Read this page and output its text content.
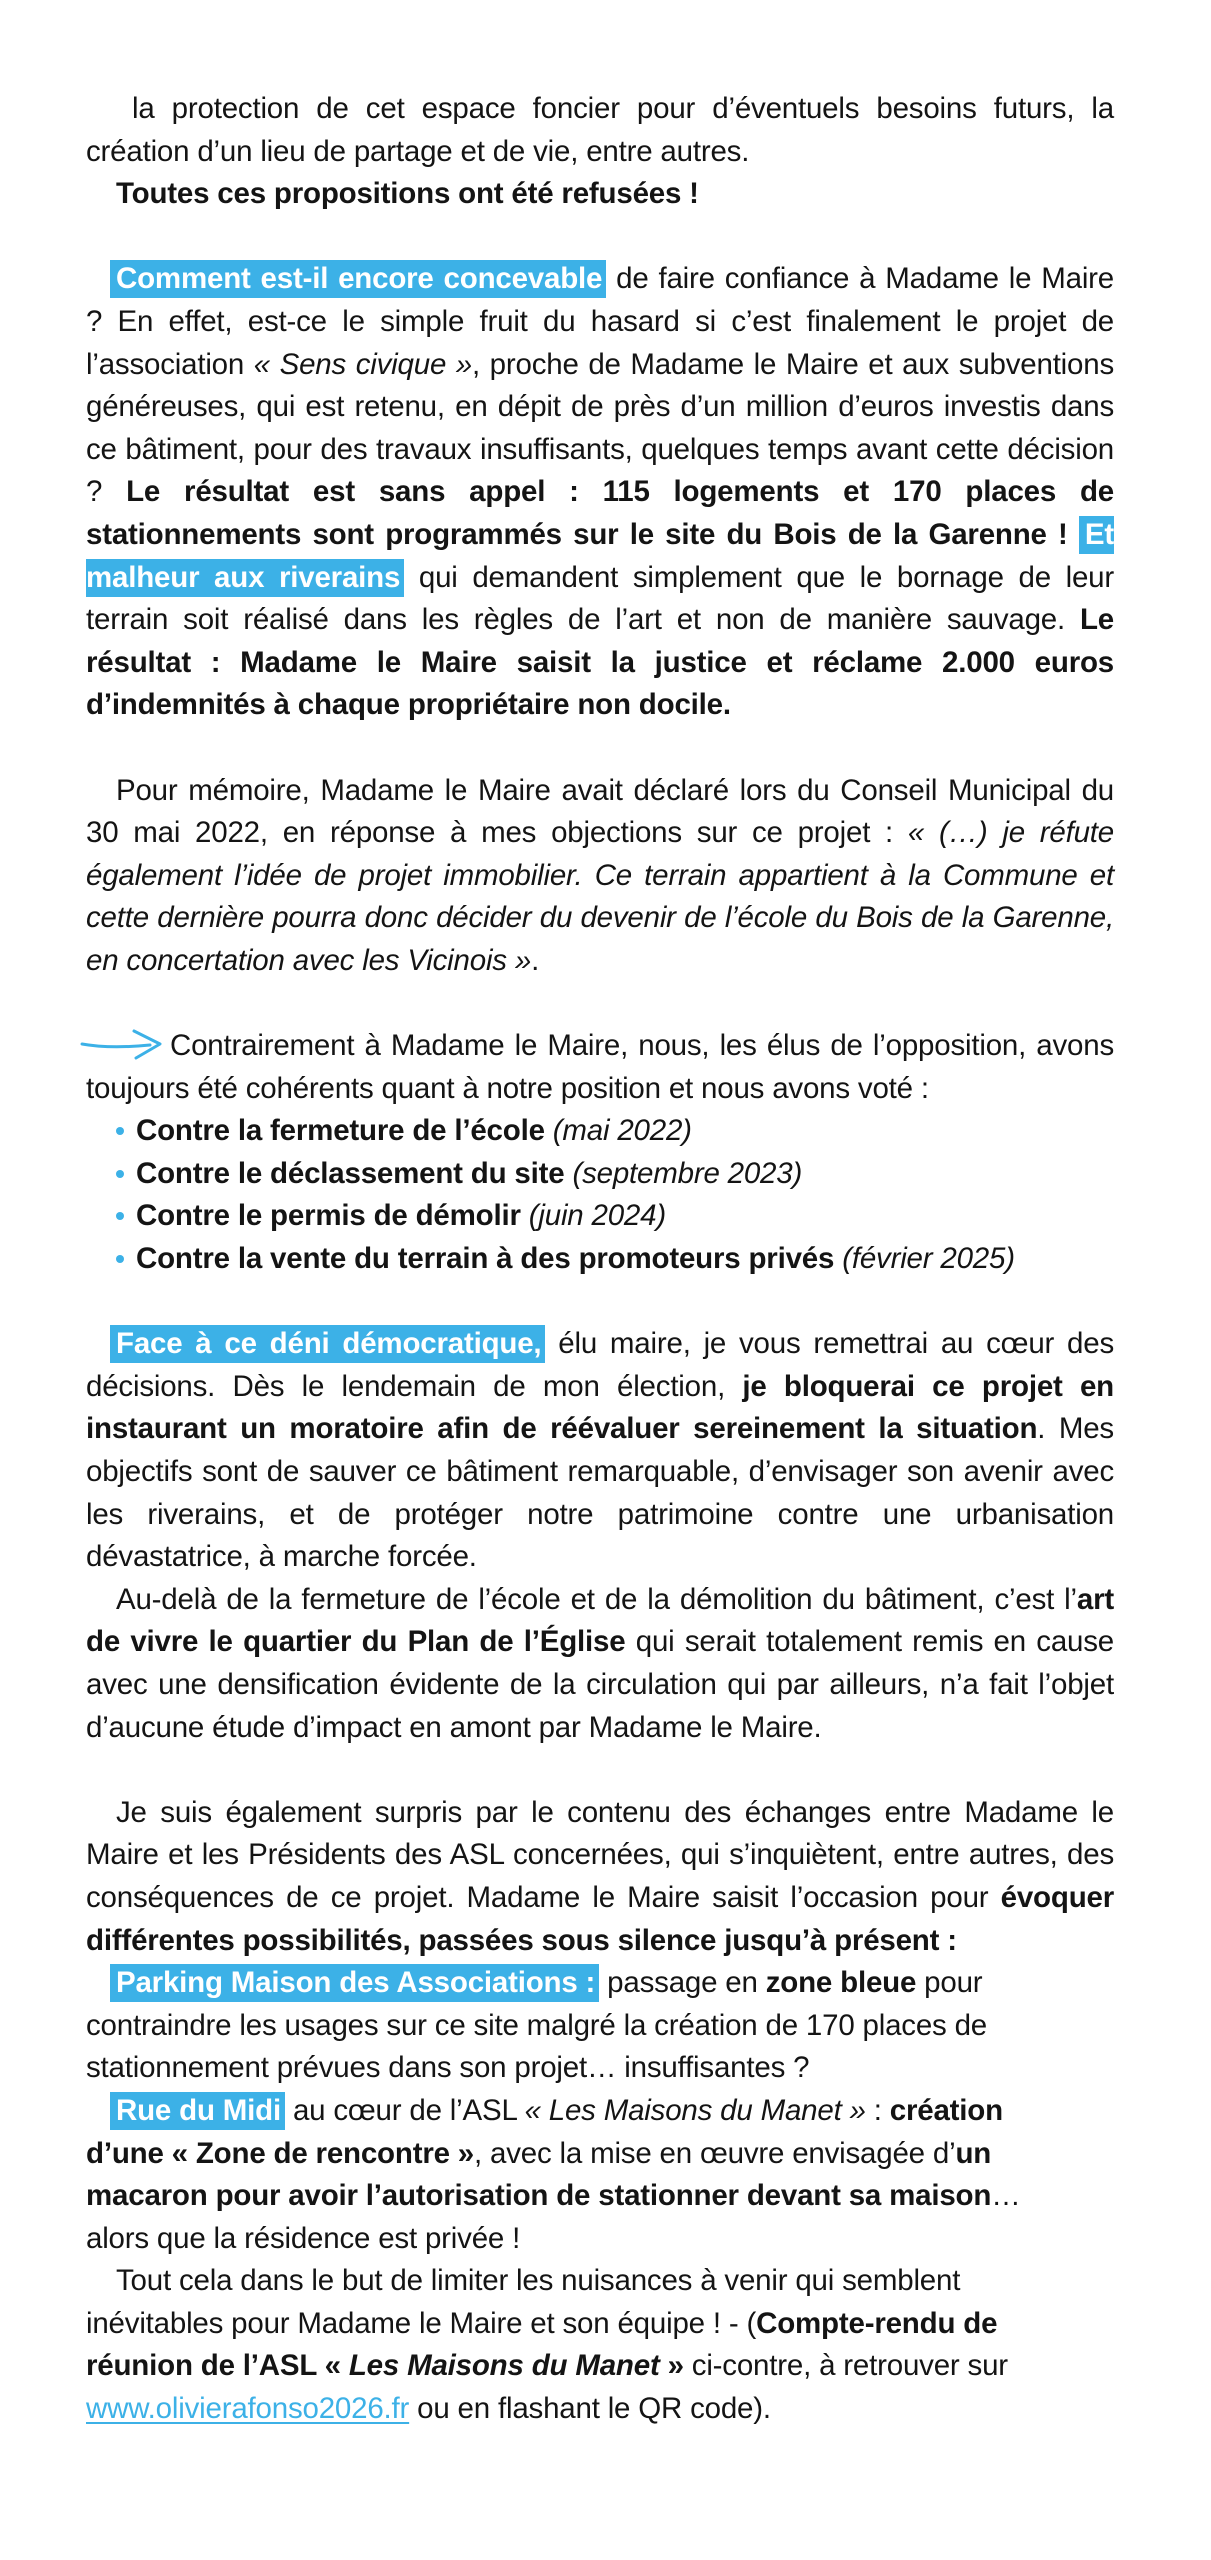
la protection de cet espace foncier pour d’éventuels besoins futurs, la création d’un lieu de partage et de vie, entre autres.
Toutes ces propositions ont été refusées !

Comment est-il encore concevable de faire confiance à Madame le Maire ? En effet, est-ce le simple fruit du hasard si c’est finalement le projet de l’association « Sens civique », proche de Madame le Maire et aux subventions généreuses, qui est retenu, en dépit de près d’un million d’euros investis dans ce bâtiment, pour des travaux insuffisants, quelques temps avant cette décision ? Le résultat est sans appel : 115 logements et 170 places de stationnements sont programmés sur le site du Bois de la Garenne ! Et malheur aux riverains qui demandent simplement que le bornage de leur terrain soit réalisé dans les règles de l’art et non de manière sauvage. Le résultat : Madame le Maire saisit la justice et réclame 2.000 euros d’indemnités à chaque propriétaire non docile.

Pour mémoire, Madame le Maire avait déclaré lors du Conseil Municipal du 30 mai 2022, en réponse à mes objections sur ce projet : « (…) je réfute également l’idée de projet immobilier. Ce terrain appartient à la Commune et cette dernière pourra donc décider du devenir de l’école du Bois de la Garenne, en concertation avec les Vicinois ».

Contrairement à Madame le Maire, nous, les élus de l’opposition, avons toujours été cohérents quant à notre position et nous avons voté :

Contre la fermeture de l’école (mai 2022)
Contre le déclassement du site (septembre 2023)
Contre le permis de démolir (juin 2024)
Contre la vente du terrain à des promoteurs privés (février 2025)

Face à ce déni démocratique, élu maire, je vous remettrai au cœur des décisions. Dès le lendemain de mon élection, je bloquerai ce projet en instaurant un moratoire afin de réévaluer sereinement la situation. Mes objectifs sont de sauver ce bâtiment remarquable, d’envisager son avenir avec les riverains, et de protéger notre patrimoine contre une urbanisation dévastatrice, à marche forcée.

Au-delà de la fermeture de l’école et de la démolition du bâtiment, c’est l’art de vivre le quartier du Plan de l’Église qui serait totalement remis en cause avec une densification évidente de la circulation qui par ailleurs, n’a fait l’objet d’aucune étude d’impact en amont par Madame le Maire.

Je suis également surpris par le contenu des échanges entre Madame le Maire et les Présidents des ASL concernées, qui s’inquiètent, entre autres, des conséquences de ce projet. Madame le Maire saisit l’occasion pour évoquer différentes possibilités, passées sous silence jusqu’à présent :

Parking Maison des Associations : passage en zone bleue pour contraindre les usages sur ce site malgré la création de 170 places de stationnement prévues dans son projet… insuffisantes ?

Rue du Midi au cœur de l’ASL « Les Maisons du Manet » : création d’une « Zone de rencontre », avec la mise en œuvre envisagée d’un macaron pour avoir l’autorisation de stationner devant sa maison… alors que la résidence est privée !

Tout cela dans le but de limiter les nuisances à venir qui semblent inévitables pour Madame le Maire et son équipe ! - (Compte-rendu de réunion de l’ASL « Les Maisons du Manet » ci-contre, à retrouver sur www.olivierafonso2026.fr ou en flashant le QR code).
